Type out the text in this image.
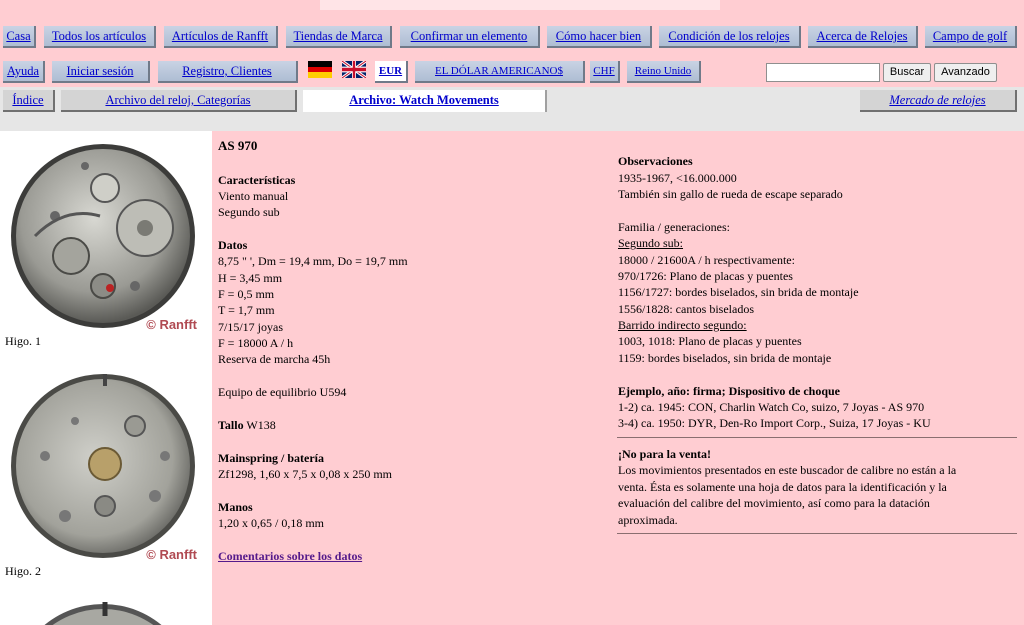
Casa	Todos los artículos	Artículos de Ranfft	Tiendas de Marca	Confirmar un elemento	Cómo hacer bien	Condición de los relojes	Acerca de Relojes	Campo de golf
Ayuda	Iniciar sesión	Registro, Clientes	EUR	EL DÓLAR AMERICANO$	CHF	Reino Unido	Buscar	Avanzado
Índice	Archivo del reloj, Categorías	Archivo: Watch Movements	Mercado de relojes
© Ranfft
Higo. 1
© Ranfft
Higo. 2
AS 970
Características
Viento manual
Segundo sub
Datos
8,75 " ', Dm = 19,4 mm, Do = 19,7 mm
H = 3,45 mm
F = 0,5 mm
T = 1,7 mm
7/15/17 joyas
F = 18000 A / h
Reserva de marcha 45h
Equipo de equilibrio U594
Tallo W138
Mainspring / batería
Zf1298, 1,60 x 7,5 x 0,08 x 250 mm
Manos
1,20 x 0,65 / 0,18 mm
Comentarios sobre los datos
Observaciones
1935-1967, <16.000.000
También sin gallo de rueda de escape separado
Familia / generaciones:
Segundo sub:
18000 / 21600A / h respectivamente:
970/1726: Plano de placas y puentes
1156/1727: bordes biselados, sin brida de montaje
1556/1828: cantos biselados
Barrido indirecto segundo:
1003, 1018: Plano de placas y puentes
1159: bordes biselados, sin brida de montaje
Ejemplo, año: firma; Dispositivo de choque
1-2) ca. 1945: CON, Charlin Watch Co, suizo, 7 Joyas - AS 970
3-4) ca. 1950: DYR, Den-Ro Import Corp., Suiza, 17 Joyas - KU
¡No para la venta!
Los movimientos presentados en este buscador de calibre no están a la
venta. Ésta es solamente una hoja de datos para la identificación y la
evaluación del calibre del movimiento, así como para la datación
aproximada.
